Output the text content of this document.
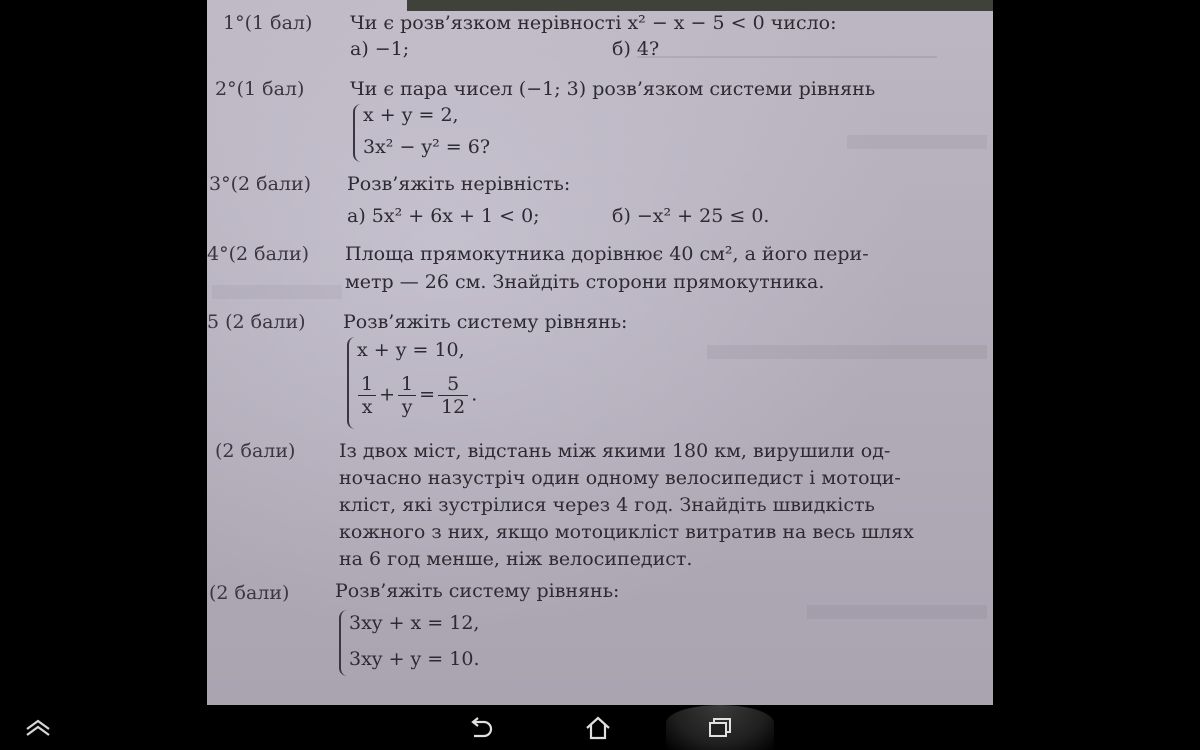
1°(1 бал) Чи є розв’язком нерівності x² − x − 5 < 0 число:
а) −1;	б) 4?
2°(1 бал) Чи є пара чисел (−1; 3) розв’язком системи рівнянь
x + y = 2,
3x² − y² = 6?
3°(2 бали) Розв’яжіть нерівність:
а) 5x² + 6x + 1 < 0;	б) −x² + 25 ≤ 0.
4°(2 бали) Площа прямокутника дорівнює 40 см², а його пери-
метр — 26 см. Знайдіть сторони прямокутника.
5 (2 бали) Розв’яжіть систему рівнянь:
x + y = 10,
$\frac{1}{x} + \frac{1}{y} = \frac{5}{12}$ .
(2 бали) Із двох міст, відстань між якими 180 км, вирушили од-
ночасно назустріч один одному велосипедист і мотоци-
кліст, які зустрілися через 4 год. Знайдіть швидкість
кожного з них, якщо мотоцикліст витратив на весь шлях
на 6 год менше, ніж велосипедист.
(2 бали) Розв’яжіть систему рівнянь:
3xy + x = 12,
3xy + y = 10.
